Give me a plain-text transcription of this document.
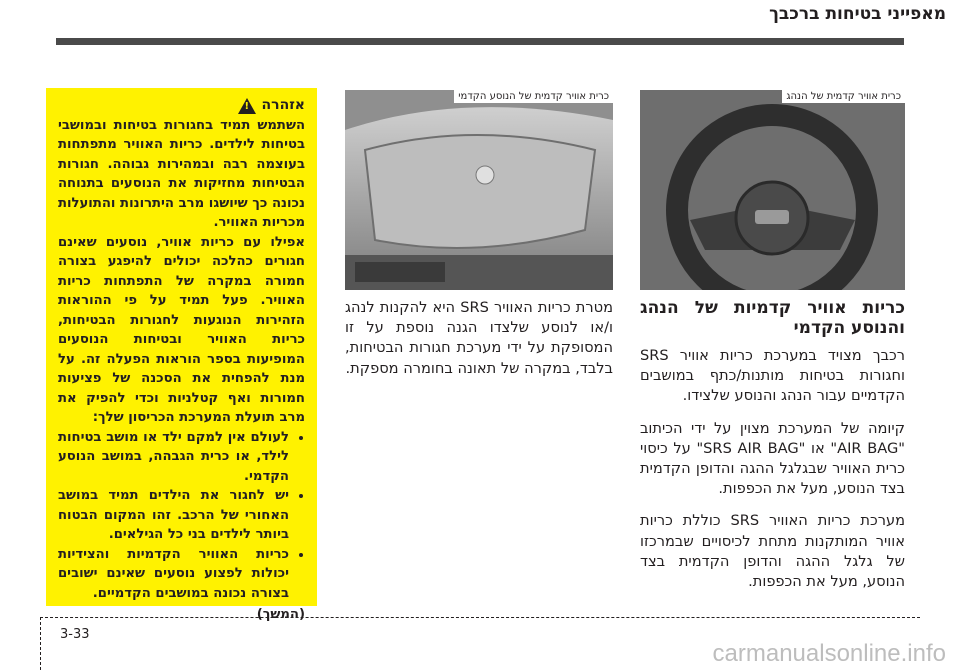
מאפייני בטיחות ברכבך
אזהרה
!

השתמש תמיד בחגורות בטיחות ובמושבי בטיחות לילדים. כריות האוויר מתפתחות בעוצמה רבה ובמהירות גבוהה. חגורות הבטיחות מחזיקות את הנוסעים בתנוחה נכונה כך שיושגו מרב היתרונות והתועלות מכריות האוויר.

אפילו עם כריות אוויר, נוסעים שאינם חגורים כהלכה יכולים להיפגע בצורה חמורה במקרה של התפתחות כריות האוויר. פעל תמיד על פי ההוראות הזהירות הנוגעות לחגורות הבטיחות, כריות האוויר ובטיחות הנוסעים המופיעות בספר הוראות הפעלה זה. על מנת להפחית את הסכנה של פציעות חמורות ואף קטלניות וכדי להפיק את מרב תועלת המערכת הכריסון שלך:

• לעולם אין למקם ילד או מושב בטיחות לילד, או כרית הגבהה, במושב הנוסע הקדמי.
• יש לחגור את הילדים תמיד במושב האחורי של הרכב. זהו המקום הבטוח ביותר לילדים בני כל הגילאים.
• כריות האוויר הקדמיות והצידיות יכולות לפצוע נוסעים שאינם ישובים בצורה נכונה במושבים הקדמיים.
(המשך)
כרית אוויר קדמית של הנוסע הקדמי	כרית אוויר קדמית של הנהג

מטרת כריות האוויר SRS היא להקנות לנהג ו/או לנוסע שלצדו הגנה נוספת על זו המסופקת על ידי מערכת חגורות הבטיחות, בלבד, במקרה של תאונה בחומרה מספקת.

כריות אוויר קדמיות של הנהג והנוסע הקדמי

רכבך מצויד במערכת כריות אוויר SRS וחגורות בטיחות מותנות/כתף במושבים הקדמיים עבור הנהג והנוסע שלצידו.

קיומה של המערכת מצוין על ידי הכיתוב "AIR BAG" או "SRS AIR BAG" על כיסוי כרית האוויר שבגלגל ההגה והדופן הקדמית בצד הנוסע, מעל את הכפפות.

מערכת כריות האוויר SRS כוללת כריות אוויר המותקנות מתחת לכיסויים שבמרכזו של גלגל ההגה והדופן הקדמית בצד הנוסע, מעל את הכפפות.

3-33
carmanualsonline.info
